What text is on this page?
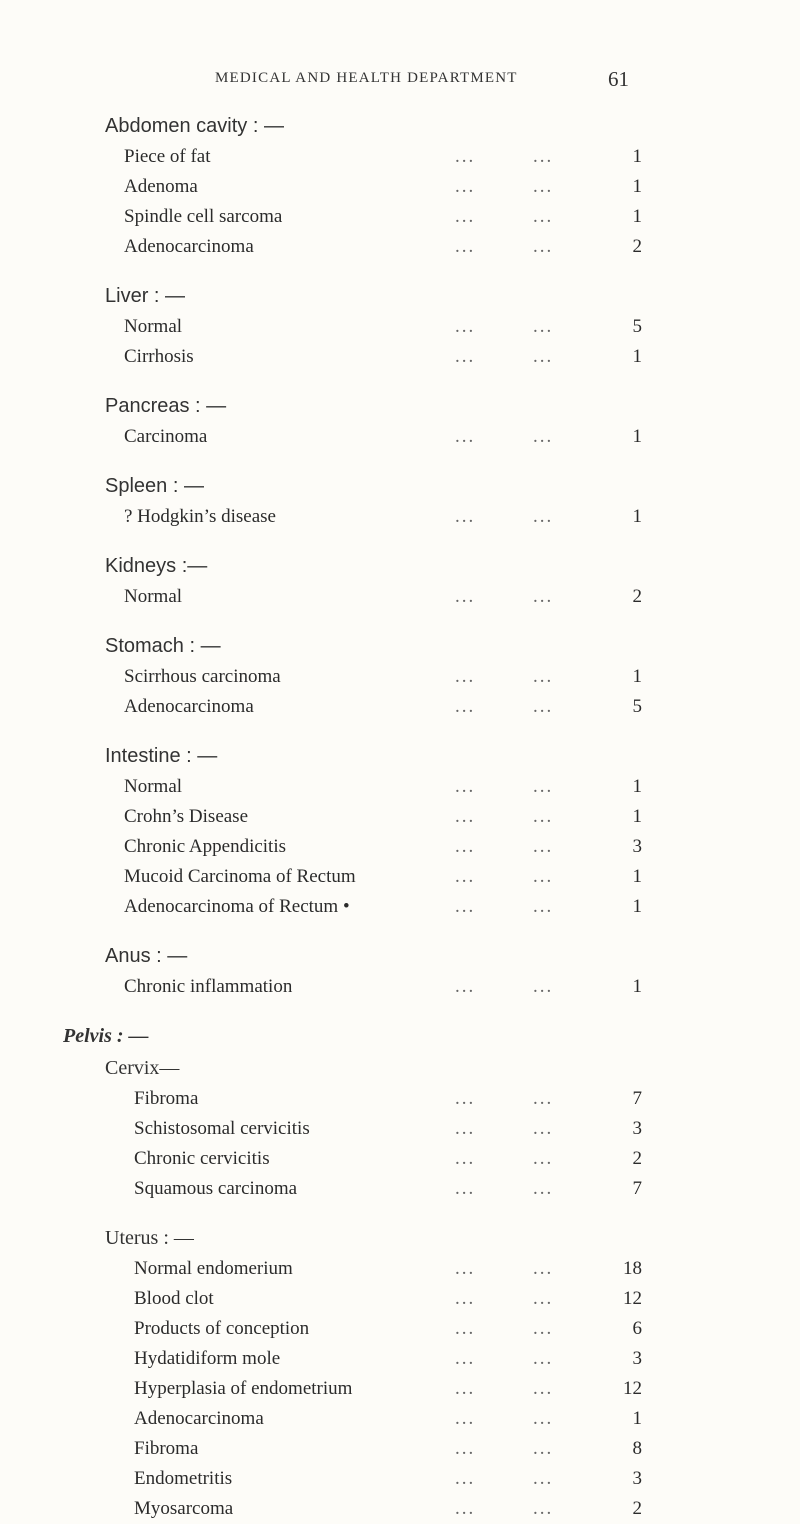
MEDICAL AND HEALTH DEPARTMENT	61
Abdomen cavity : —
Piece of fat	...	...	1
Adenoma	...	...	1
Spindle cell sarcoma	...	...	1
Adenocarcinoma	...	...	2
Liver : —
Normal	...	...	5
Cirrhosis	...	...	1
Pancreas : —
Carcinoma	...	...	1
Spleen : —
? Hodgkin’s disease	...	...	1
Kidneys :—
Normal	...	...	2
Stomach : —
Scirrhous carcinoma	...	...	1
Adenocarcinoma	...	...	5
Intestine : —
Normal	...	...	1
Crohn’s Disease	...	...	1
Chronic Appendicitis	...	...	3
Mucoid Carcinoma of Rectum	...	...	1
Adenocarcinoma of Rectum •	...	...	1
Anus : —
Chronic inflammation	...	...	1
Pelvis : —
Cervix—
Fibroma	...	...	7
Schistosomal cervicitis	...	...	3
Chronic cervicitis	...	...	2
Squamous carcinoma	...	...	7
Uterus : —
Normal endomerium	...	...	18
Blood clot	...	...	12
Products of conception	...	...	6
Hydatidiform mole	...	...	3
Hyperplasia of endometrium	...	...	12
Adenocarcinoma	...	...	1
Fibroma	...	...	8
Endometritis	...	...	3
Myosarcoma	...	...	2
